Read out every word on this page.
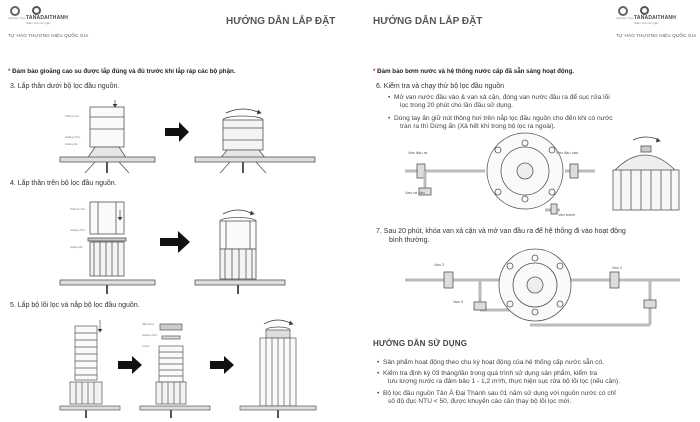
Vietnam Topo TANADAITHANH
Niềm vui mỗi ngày
TỰ HÀO THƯƠNG HIỆU QUỐC GIA
HƯỚNG DẪN LẮP ĐẶT	HƯỚNG DẪN LẮP ĐẶT	Vietnam Topo TANADAITHANH
Niềm vui mỗi ngày
TỰ HÀO THƯƠNG HIỆU QUỐC GIA
* Đảm bảo gioăng cao su được lắp đúng và đủ trước khi lắp ráp các bộ phận.
3. Lắp thân dưới bộ lọc đầu nguồn.
4. Lắp thân trên bộ lọc đầu nguồn.
5. Lắp bộ lõi lọc và nắp bộ lọc đầu nguồn.
Thân lọc lọc
Gioăng chữ L
Gioăng tổn
Thân lọc trên
Gioăng chữ L
Gioăng tổn
Nắp bộ lọc
Gioăng chữ L
Lõi lọc
* Đảm bảo bơm nước và hệ thống nước cấp đã sẵn sàng hoạt động.
6. Kiểm tra và chạy thử bộ lọc đầu nguồn
•  Mở van nước đầu vào & van xả cặn, đóng van nước đầu ra để sục rửa lõi
lọc trong 20 phút cho lần đầu sử dụng.
•  Dùng tay ấn giữ nút thông hơi trên nắp lọc đầu nguồn cho đến khi có nước
tràn ra thì Dừng ấn (Xả hết khí trong bộ lọc ra ngoài).
Van đầu ra	Van đầu vào
Van xả cặn
Van tránh
7. Sau 20 phút, khóa van xả cặn và mở van đầu ra để hệ thống đi vào hoạt động
bình thường.
Van 2
Van 1
Van 3
HƯỚNG DẪN SỬ DỤNG
•  Sản phẩm hoạt động theo chu kỳ hoạt động của hệ thống cấp nước sẵn có.
•  Kiểm tra định kỳ 03 tháng/lần trong quá trình sử dụng sản phẩm, kiểm tra
lưu lượng nước ra đảm bảo 1 - 1,2 m³/h, thực hiện sục rửa bộ lõi lọc (nếu cần).
•  Bộ lọc đầu nguồn Tân Á Đại Thành sau 01 năm sử dụng với nguồn nước có chỉ
số độ đục NTU < 50, được khuyến cáo cần thay bộ lõi lọc mới.
